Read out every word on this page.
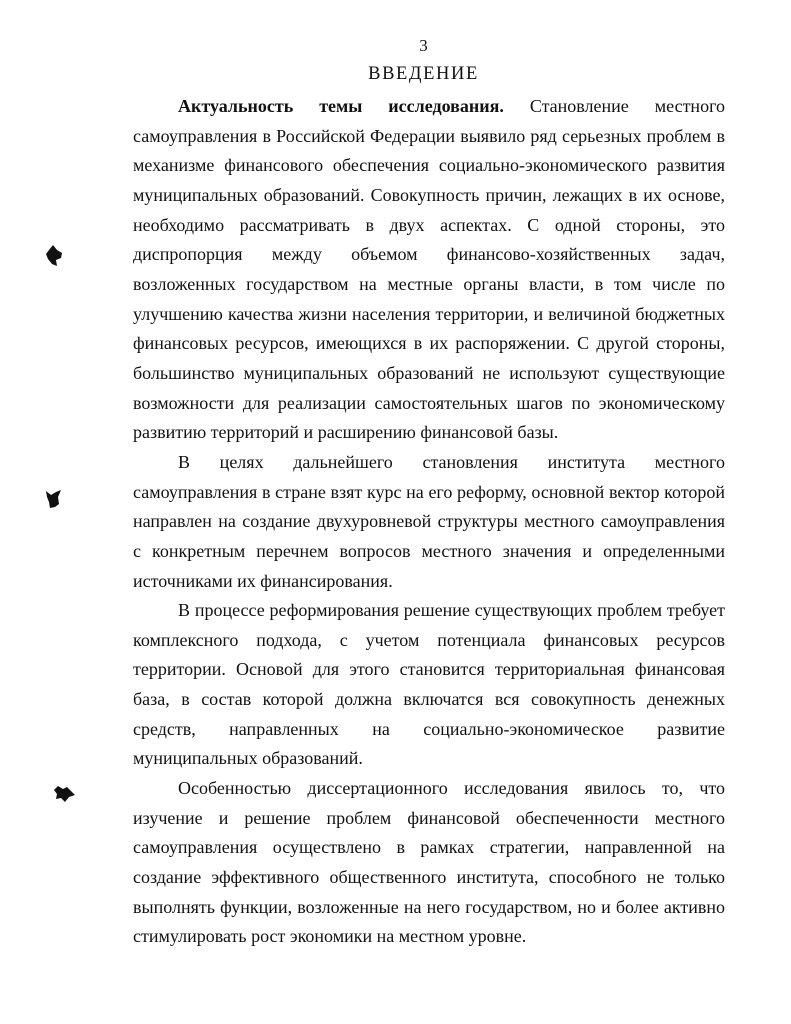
3
ВВЕДЕНИЕ

Актуальность темы исследования. Становление местного самоуправления в Российской Федерации выявило ряд серьезных проблем в механизме финансового обеспечения социально-экономического развития муниципальных образований. Совокупность причин, лежащих в их основе, необходимо рассматривать в двух аспектах. С одной стороны, это диспропорция между объемом финансово-хозяйственных задач, возложенных государством на местные органы власти, в том числе по улучшению качества жизни населения территории, и величиной бюджетных финансовых ресурсов, имеющихся в их распоряжении. С другой стороны, большинство муниципальных образований не используют существующие возможности для реализации самостоятельных шагов по экономическому развитию территорий и расширению финансовой базы.

В целях дальнейшего становления института местного самоуправления в стране взят курс на его реформу, основной вектор которой направлен на создание двухуровневой структуры местного самоуправления с конкретным перечнем вопросов местного значения и определенными источниками их финансирования.

В процессе реформирования решение существующих проблем требует комплексного подхода, с учетом потенциала финансовых ресурсов территории. Основой для этого становится территориальная финансовая база, в состав которой должна включатся вся совокупность денежных средств, направленных на социально-экономическое развитие муниципальных образований.

Особенностью диссертационного исследования явилось то, что изучение и решение проблем финансовой обеспеченности местного самоуправления осуществлено в рамках стратегии, направленной на создание эффективного общественного института, способного не только выполнять функции, возложенные на него государством, но и более активно стимулировать рост экономики на местном уровне.
